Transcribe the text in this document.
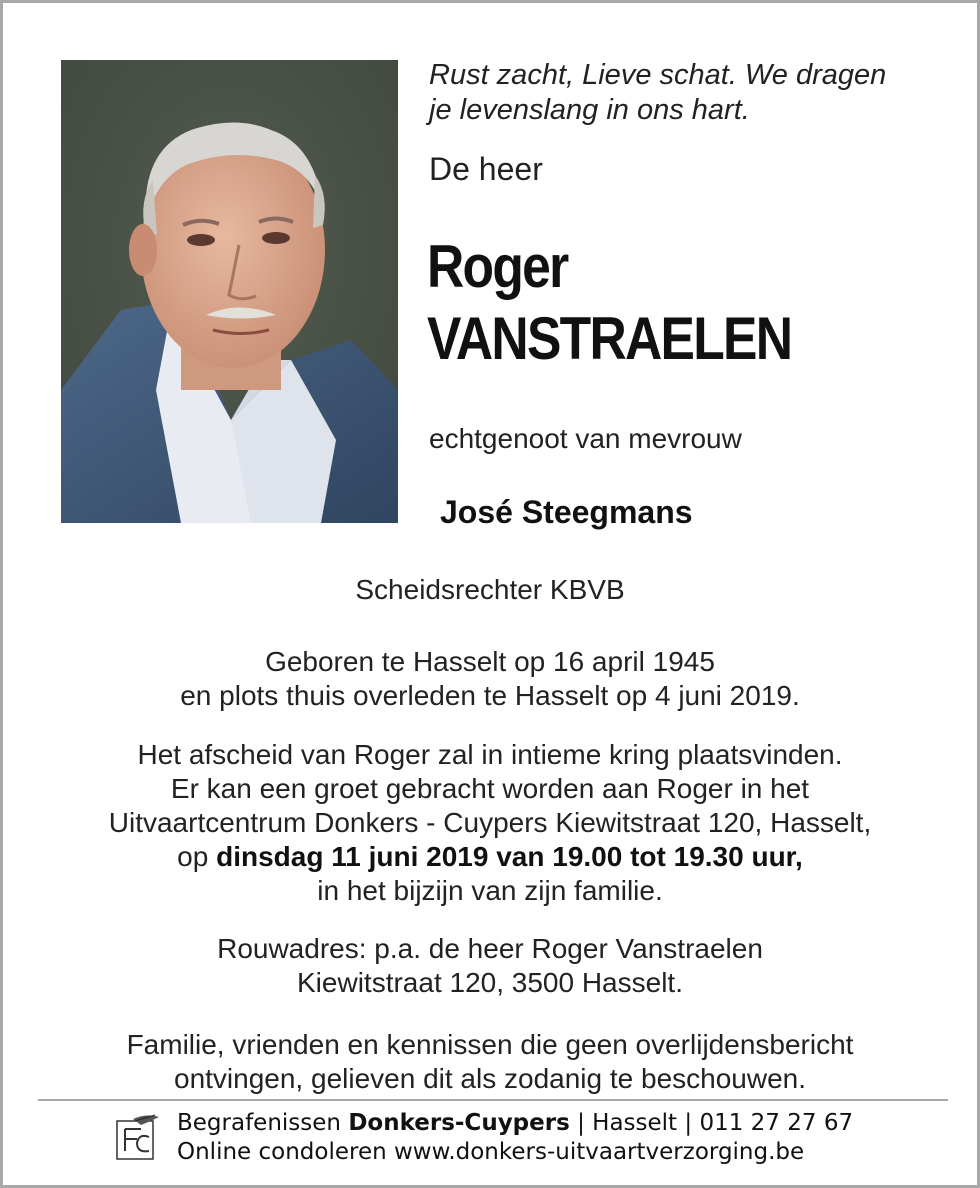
Rust zacht, Lieve schat. We dragen
je levenslang in ons hart.
De heer
Roger
VANSTRAELEN
echtgenoot van mevrouw
José Steegmans
Scheidsrechter KBVB
Geboren te Hasselt op 16 april 1945
en plots thuis overleden te Hasselt op 4 juni 2019.
Het afscheid van Roger zal in intieme kring plaatsvinden.
Er kan een groet gebracht worden aan Roger in het
Uitvaartcentrum Donkers - Cuypers Kiewitstraat 120, Hasselt,
op dinsdag 11 juni 2019 van 19.00 tot 19.30 uur,
in het bijzijn van zijn familie.
Rouwadres: p.a. de heer Roger Vanstraelen
Kiewitstraat 120, 3500 Hasselt.
Familie, vrienden en kennissen die geen overlijdensbericht
ontvingen, gelieven dit als zodanig te beschouwen.
Begrafenissen Donkers-Cuypers | Hasselt | 011 27 27 67
Online condoleren www.donkers-uitvaartverzorging.be
